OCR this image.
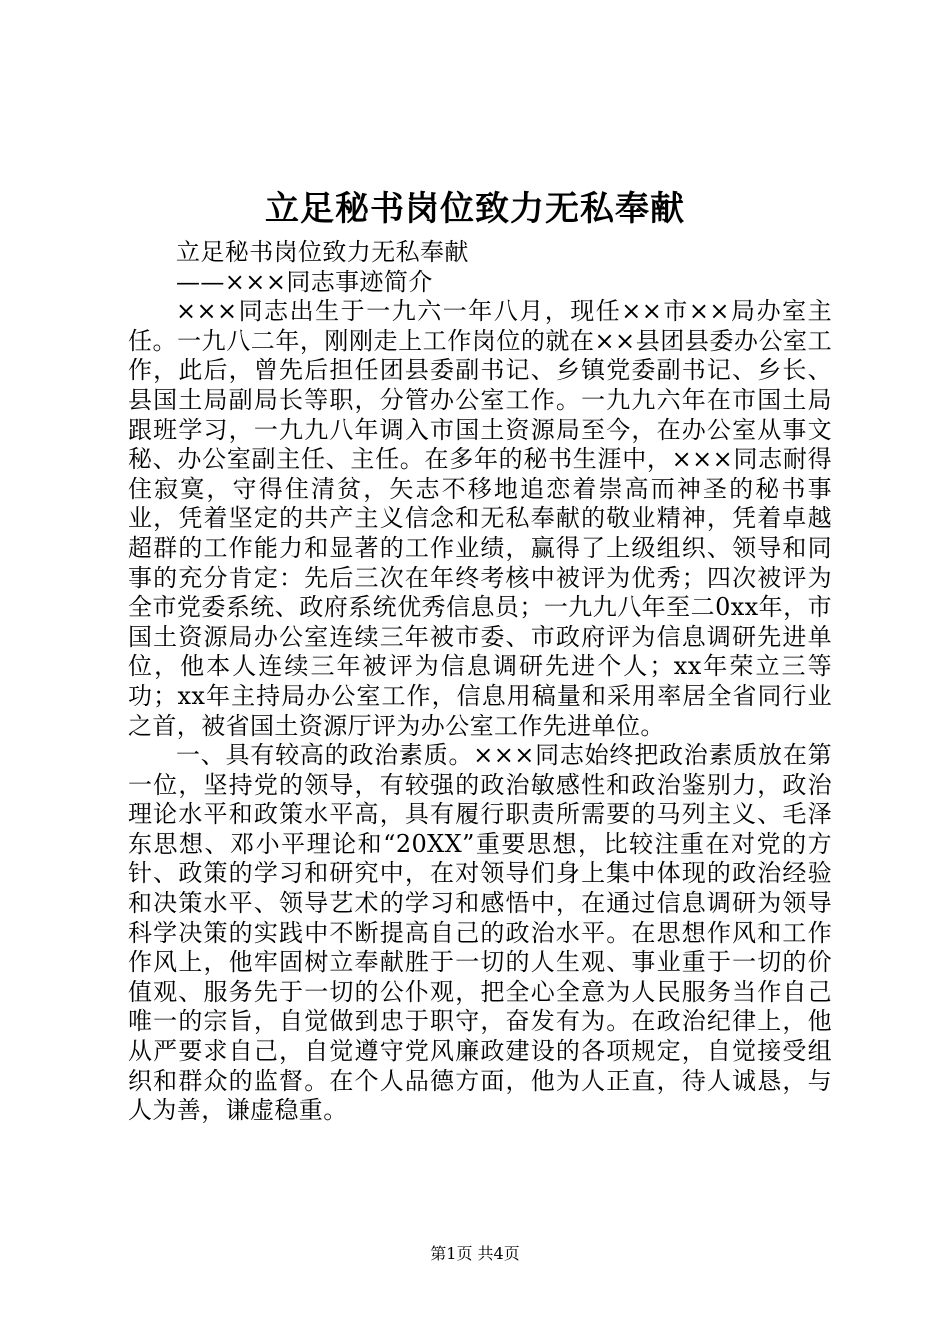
立足秘书岗位致力无私奉献

立足秘书岗位致力无私奉献

——×××同志事迹简介

×××同志出生于一九六一年八月，现任××市××局办室主任。一九八二年，刚刚走上工作岗位的就在××县团县委办公室工作，此后，曾先后担任团县委副书记、乡镇党委副书记、乡长、县国土局副局长等职，分管办公室工作。一九九六年在市国土局跟班学习，一九九八年调入市国土资源局至今，在办公室从事文秘、办公室副主任、主任。在多年的秘书生涯中，×××同志耐得住寂寞，守得住清贫，矢志不移地追恋着崇高而神圣的秘书事业，凭着坚定的共产主义信念和无私奉献的敬业精神，凭着卓越超群的工作能力和显著的工作业绩，赢得了上级组织、领导和同事的充分肯定：先后三次在年终考核中被评为优秀；四次被评为全市党委系统、政府系统优秀信息员；一九九八年至二0xx年，市国土资源局办公室连续三年被市委、市政府评为信息调研先进单位，他本人连续三年被评为信息调研先进个人；xx年荣立三等功；xx年主持局办公室工作，信息用稿量和采用率居全省同行业之首，被省国土资源厅评为办公室工作先进单位。

一、具有较高的政治素质。×××同志始终把政治素质放在第一位，坚持党的领导，有较强的政治敏感性和政治鉴别力，政治理论水平和政策水平高，具有履行职责所需要的马列主义、毛泽东思想、邓小平理论和“20XX”重要思想，比较注重在对党的方针、政策的学习和研究中，在对领导们身上集中体现的政治经验和决策水平、领导艺术的学习和感悟中，在通过信息调研为领导科学决策的实践中不断提高自己的政治水平。在思想作风和工作作风上，他牢固树立奉献胜于一切的人生观、事业重于一切的价值观、服务先于一切的公仆观，把全心全意为人民服务当作自己唯一的宗旨，自觉做到忠于职守，奋发有为。在政治纪律上，他从严要求自己，自觉遵守党风廉政建设的各项规定，自觉接受组织和群众的监督。在个人品德方面，他为人正直，待人诚恳，与人为善，谦虚稳重。

第1页 共4页
